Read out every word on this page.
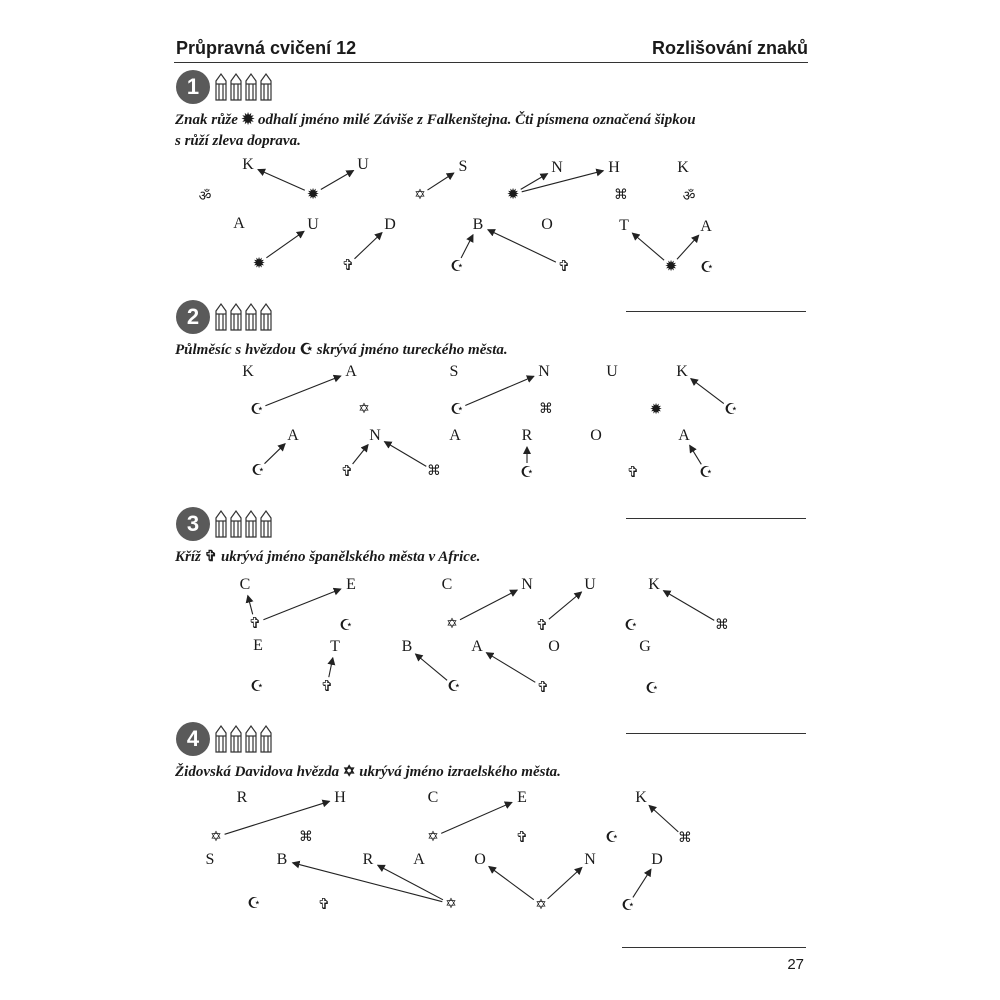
Průpravná cvičení 12	Rozlišování znaků
1
2
3
4
Znak růže ✹ odhalí jméno milé Záviše z Falkenštejna. Čti písmena označená šipkou
s růží zleva doprava.
Půlměsíc s hvězdou ☪ skrývá jméno tureckého města.
Kříž ✞ ukrývá jméno španělského města v Africe.
Židovská Davidova hvězda ✡ ukrývá jméno izraelského města.
K	U	S	N	H	K
A	U	D	B	O	T	A
ॐ	✹	✡	✹	⌘	ॐ
✹	✞	☪	✞	✹ ☪
K	A	S	N	U	K
A	N	A	R	O	A
☪	✡	☪	⌘	✹	☪
☪	✞	⌘	☪	✞	☪
C	E	C	N	U	K
E	T	B	A	O	G
✞	☪	✡	✞	☪	⌘
☪	✞	☪	✞	☪
R	H	C	E	K
S	B	R A	O	N	D
✡	⌘	✡	✞	☪	⌘
☪	✞	✡	✡	☪
27
